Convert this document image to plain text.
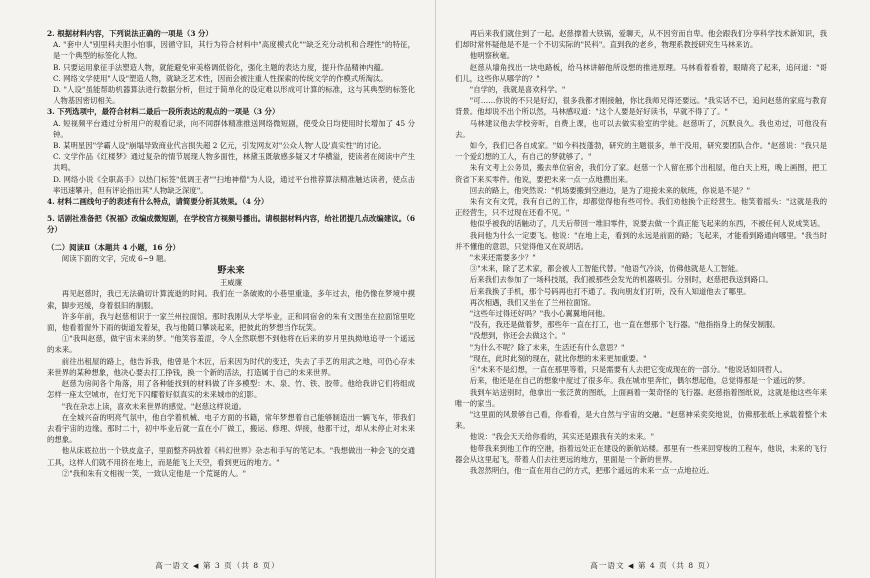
2. 根据材料内容，下列说法正确的一项是（3 分）

A. "套中人"别里科夫胆小怕事，因循守旧，其行为符合材料中"高度模式化""缺乏充分动机和合理性"的特征，是一个典型的标签化人物。

B. 只要运用象征手法塑造人物，就能避免审美格调低俗化，强化主题的表达力度，提升作品精神内蕴。

C. 网络文学使用"人设"塑造人物，就缺乏艺术性，因而会被注重人性探索的传统文学的作模式所淘汰。

D. "人设"虽能帮助机器算法进行数据分析，但过于简单化的设定难以形成可计算的标准，这与其典型的标签化人物基因密切相关。

3. 下列选项中，最符合材料二最后一段所表达的观点的一项是（3 分）

A. 短视频平台通过分析用户的观看记录，向不同群体精准推送网络微短剧，使受众日均使用时长增加了 45 分钟。

B. 某明星因"学霸人设"崩塌导致商业代言损失超 2 亿元，引发网友对"公众人物'人设'真实性"的讨论。

C. 文学作品《红楼梦》通过复杂的情节展现人物多面性，林黛玉既敏感多疑又才华横溢，使读者在阅读中产生共鸣。

D. 网络小说《全职高手》以热门标签"低调王者""扫地神僧"为人设，通过平台推荐算法精准触达读者，使点击率迅速攀升，但有评论指出其"人物缺乏深度"。

4. 材料二画线句子的表述有什么特点，请简要分析其效果。（4 分）

5. 话剧社准备把《祝福》改编成微短剧，在学校官方视频号播出。请根据材料内容，给社团提几点改编建议。（6 分）

（二）阅读Ⅱ（本题共 4 小题，16 分）

阅读下面的文字，完成 6~9 题。

野未来

王威廉

再见赵慈时，我已无法确切计算流逝的时间。我们在一条破败的小巷里重逢，多年过去，他仍像在梦境中摸索，脚步迟缓，身着很旧的制服。

许多年前，我与赵慈相识于一家兰州拉面馆。那时我刚从大学毕业，正和同宿舍的朱有文围坐在拉面馆里吃面，他看着窗外下雨的街道发着呆，我与他随口攀谈起来，把彼此的梦想当作玩笑。

①"我叫赵慈，做宇宙未来的梦。"他笑容羞涩，令人全然联想不到他将在后来的岁月里执拗地追寻一个遥远的未来。

前往出租屋的路上，他告诉我，他曾是个木匠，后来因为时代的变迁，失去了手艺的用武之地，可仍心存未来世界的某种想象，他决心要去打工挣钱，换一个新的活法，打造属于自己的未来世界。

赵慈为房间各个角落，用了各种能找到的材料做了许多模型：木、泉、竹、铁、胶带。他给我讲它们将组成怎样一座太空城市，在灯光下闪耀着好似真实的未来城市的幻影。

"我在杂志上读，喜欢未来世界的感觉。"赵慈这样说道。

在全城兴奋的明亮气氛中，他自学着机械、电子方面的书籍，常年梦想着自己能够制造出一辆飞车，带我们去看宇宙的边缘。那时二十，初中毕业后就一直在小厂做工，搬运、修理、焊接，他都干过，却从未停止对未来的想象。

他从床底拉出一个铁皮盒子，里面整齐码放着《科幻世界》杂志和手写的笔记本。"我想做出一种会飞的交通工具，这样人们就不用挤在地上，而是能飞上天空，看到更远的地方。"

②"我和朱有文相视一笑，一致认定他是一个荒诞的人。"

高一语文 ◀ 第 3 页（共 8 页）

再后来我们就住到了一起。赵慈撑着大铁锅，爱聊天，从不因穷而自卑。他会跟我们分享科学技术新知识，我们却时常怀疑他是不是一个不切实际的"民科"。直到我的老乡，物理系教授研究生马林来访。

他明察秋毫。

赵慈从墙角找出一块电路板，给马林讲解他所设想的推进原理。马林看着看着，眼睛亮了起来，追问道："哥们儿，这些你从哪学的？"

"自学的，我就是喜欢科学。"

"可……你说的不只是好幻，很多我都才刚接触，你比我师兄得还要远。"我实话不已，追问赵慈的家庭与教育背景。他却说不出个所以然，马林感叹道："这个人要是好好读书，早就不得了了。"

马林建议他去学校旁听，自费上课，也可以去做实验室的学徒。赵慈听了，沉默良久。我也劝过，可他没有去。

如今，我们已各自成家。"如今科技蓬勃，研究的主题很多，单干没用，研究要团队合作。"赵慈说："我只是一个爱幻想的工人，有自己的梦就够了。"

朱有文考上公务员，搬去单位宿舍，我们分了家。赵慈一个人留在那个出租屋，他白天上班，晚上画图，把工资省下来买零件。他说，要把未来一点一点地攒出来。

回去的路上，他突然说："机场要搬到空港边，是为了迎接未来的航班，你说是不是？"

朱有文有文凭，我有自己的工作，却都觉得他有些可怜。我们劝他换个正经营生。他笑着摇头："这就是我的正经营生，只不过现在还看不见。"

他似乎被我的话触动了，几天后带回一堆旧零件，说要去做一个真正能飞起来的东西，不被任何人说成笑话。

我问他为什么一定要飞。他说："在地上走，看到的永远是前面的路；飞起来，才能看到路通向哪里。"我当时并不懂他的意思，只觉得他又在说胡话。

"未来还需要多少？"

③"未来，除了艺术家，都会被人工智能代替。"他语气冷淡，仿佛他就是人工智能。

后来我们去参加了一场科技展，我们被那些会发光的机器吸引。分别时，赵慈把我送到路口。

后来我换了手机，那个号码再也打不通了。我向朋友们打听，没有人知道他去了哪里。

再次相遇，我们又坐在了兰州拉面馆。

"这些年过得还好吗？"我小心翼翼地问他。

"没有，我还是做着梦，那些年一直在打工，也一直在想那个飞行器。"他指指身上的保安制服。

"没想到，你还会去做这个。"

"为什么不呢？除了未来，生活还有什么意思？"

"现在，此时此刻的现在，就比你想的未来更加重要。"

④"未来不是幻想，一直在那里等着，只是需要有人去把它变成现在的一部分。"他说话如同哲人。

后来，他还是在自己的想象中度过了很多年。我在城市里奔忙，偶尔想起他，总觉得那是一个遥远的梦。

我到车站送别时，他拿出一张泛黄的图纸，上面画着一架奇怪的飞行器。赵慈指着图纸说，这就是他这些年来唯一的家当。

"这里面的风景够自己看，你看看，是大自然与宇宙的交融。"赵慈神采奕奕地说，仿佛那张纸上承载着整个未来。

他说："我会天天给你看的，其实还是跟我有关的未来。"

他带我来到他工作的空港，指着远处正在建设的新航站楼。那里有一些来回穿梭的工程车，他说，未来的飞行器会从这里起飞，带着人们去往更远的地方，里面是一个新的世界。

我忽然明白，他一直在用自己的方式，把那个遥远的未来一点一点地拉近。

高一语文 ◀ 第 4 页（共 8 页）
